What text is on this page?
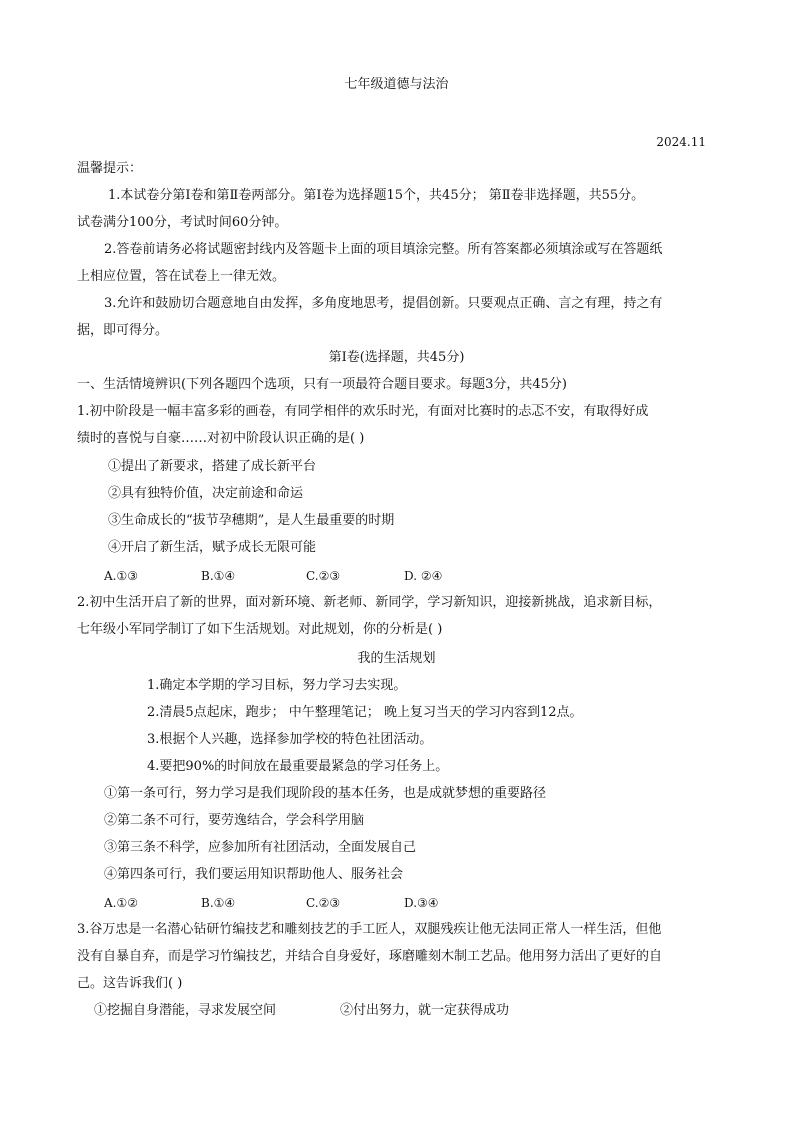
七年级道德与法治
2024.11
温馨提示：
1.本试卷分第Ⅰ卷和第Ⅱ卷两部分。第Ⅰ卷为选择题15个，共45分； 第Ⅱ卷非选择题，共55分。
试卷满分100分，考试时间60分钟。
2.答卷前请务必将试题密封线内及答题卡上面的项目填涂完整。所有答案都必须填涂或写在答题纸
上相应位置，答在试卷上一律无效。
3.允许和鼓励切合题意地自由发挥，多角度地思考，提倡创新。只要观点正确、言之有理，持之有
据，即可得分。
第Ⅰ卷(选择题，共45分)
一、生活情境辨识(下列各题四个选项，只有一项最符合题目要求。每题3分，共45分)
1.初中阶段是一幅丰富多彩的画卷，有同学相伴的欢乐时光，有面对比赛时的忐忑不安，有取得好成
绩时的喜悦与自豪……对初中阶段认识正确的是( )
①提出了新要求，搭建了成长新平台
②具有独特价值，决定前途和命运
③生命成长的“拔节孕穗期”，是人生最重要的时期
④开启了新生活，赋予成长无限可能
A.①③	B.①④	C.②③	D. ②④
2.初中生活开启了新的世界，面对新环境、新老师、新同学，学习新知识，迎接新挑战，追求新目标，
七年级小军同学制订了如下生活规划。对此规划，你的分析是( )
我的生活规划
1.确定本学期的学习目标，努力学习去实现。
2.清晨5点起床，跑步； 中午整理笔记； 晚上复习当天的学习内容到12点。
3.根据个人兴趣，选择参加学校的特色社团活动。
4.要把90%的时间放在最重要最紧急的学习任务上。
①第一条可行，努力学习是我们现阶段的基本任务，也是成就梦想的重要路径
②第二条不可行，要劳逸结合，学会科学用脑
③第三条不科学，应参加所有社团活动，全面发展自己
④第四条可行，我们要运用知识帮助他人、服务社会
A.①②	B.①④	C.②③	D.③④
3.谷万忠是一名潜心钻研竹编技艺和雕刻技艺的手工匠人，双腿残疾让他无法同正常人一样生活，但他
没有自暴自弃，而是学习竹编技艺，并结合自身爱好，琢磨雕刻木制工艺品。他用努力活出了更好的自
己。这告诉我们( )
①挖掘自身潜能，寻求发展空间	②付出努力，就一定获得成功
